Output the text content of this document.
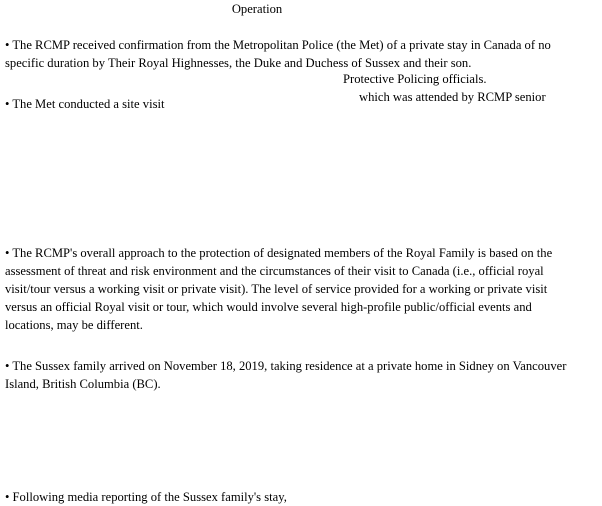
Operation

• The RCMP received confirmation from the Metropolitan Police (the Met) of a private stay in Canada of no
specific duration by Their Royal Highnesses, the Duke and Duchess of Sussex and their son.

Protective Policing officials.

which was attended by RCMP senior

• The Met conducted a site visit

• The RCMP's overall approach to the protection of designated members of the Royal Family is based on the
assessment of threat and risk environment and the circumstances of their visit to Canada (i.e., official royal
visit/tour versus a working visit or private visit). The level of service provided for a working or private visit
versus an official Royal visit or tour, which would involve several high-profile public/official events and
locations, may be different.

• The Sussex family arrived on November 18, 2019, taking residence at a private home in Sidney on Vancouver
Island, British Columbia (BC).

• Following media reporting of the Sussex family's stay,
